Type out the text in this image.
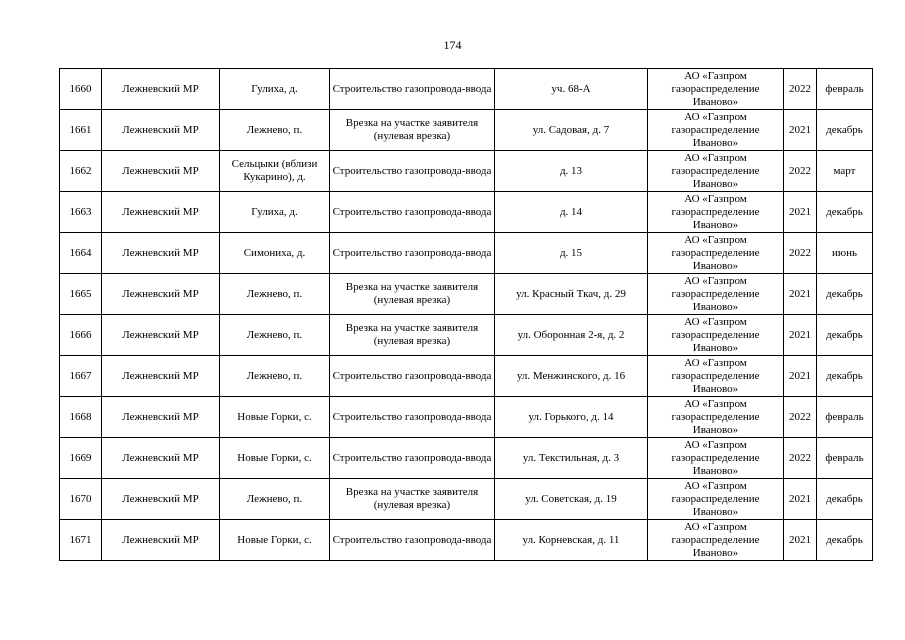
174
1660	Лежневский МР	Гулиха, д.	Строительство газопровода-ввода	уч. 68-А	АО «Газпром газораспределение Иваново»	2022	февраль
1661	Лежневский МР	Лежнево, п.	Врезка на участке заявителя (нулевая врезка)	ул. Садовая, д. 7	АО «Газпром газораспределение Иваново»	2021	декабрь
1662	Лежневский МР	Сельцыки (вблизи Кукарино), д.	Строительство газопровода-ввода	д. 13	АО «Газпром газораспределение Иваново»	2022	март
1663	Лежневский МР	Гулиха, д.	Строительство газопровода-ввода	д. 14	АО «Газпром газораспределение Иваново»	2021	декабрь
1664	Лежневский МР	Симониха, д.	Строительство газопровода-ввода	д. 15	АО «Газпром газораспределение Иваново»	2022	июнь
1665	Лежневский МР	Лежнево, п.	Врезка на участке заявителя (нулевая врезка)	ул. Красный Ткач, д. 29	АО «Газпром газораспределение Иваново»	2021	декабрь
1666	Лежневский МР	Лежнево, п.	Врезка на участке заявителя (нулевая врезка)	ул. Оборонная 2-я, д. 2	АО «Газпром газораспределение Иваново»	2021	декабрь
1667	Лежневский МР	Лежнево, п.	Строительство газопровода-ввода	ул. Менжинского, д. 16	АО «Газпром газораспределение Иваново»	2021	декабрь
1668	Лежневский МР	Новые Горки, с.	Строительство газопровода-ввода	ул. Горького, д. 14	АО «Газпром газораспределение Иваново»	2022	февраль
1669	Лежневский МР	Новые Горки, с.	Строительство газопровода-ввода	ул. Текстильная, д. 3	АО «Газпром газораспределение Иваново»	2022	февраль
1670	Лежневский МР	Лежнево, п.	Врезка на участке заявителя (нулевая врезка)	ул. Советская, д. 19	АО «Газпром газораспределение Иваново»	2021	декабрь
1671	Лежневский МР	Новые Горки, с.	Строительство газопровода-ввода	ул. Корневская, д. 11	АО «Газпром газораспределение Иваново»	2021	декабрь
